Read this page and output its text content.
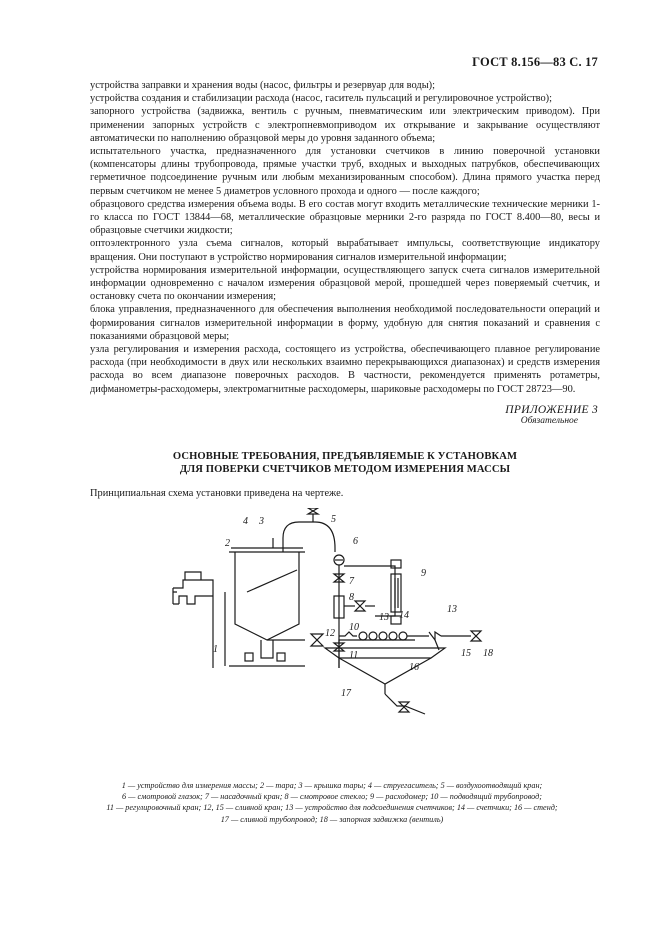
ГОСТ 8.156—83 С. 17

устройства заправки и хранения воды (насос, фильтры и резервуар для воды);

устройства создания и стабилизации расхода (насос, гаситель пульсаций и регулировочное устройство);

запорного устройства (задвижка, вентиль с ручным, пневматическим или электрическим приводом). При применении запорных устройств с электропневмоприводом их открывание и закрывание осуществляют автоматически по наполнению образцовой меры до уровня заданного объема;

испытательного участка, предназначенного для установки счетчиков в линию поверочной установки (компенсаторы длины трубопровода, прямые участки труб, входных и выходных патрубков, обеспечивающих герметичное подсоединение ручным или любым механизированным способом). Длина прямого участка перед первым счетчиком не менее 5 диаметров условного прохода и одного — после каждого;

образцового средства измерения объема воды. В его состав могут входить металлические технические мерники 1-го класса по ГОСТ 13844—68, металлические образцовые мерники 2-го разряда по ГОСТ 8.400—80, весы и образцовые счетчики жидкости;

оптоэлектронного узла съема сигналов, который вырабатывает импульсы, соответствующие индикатору вращения. Они поступают в устройство нормирования сигналов измерительной информации;

устройства нормирования измерительной информации, осуществляющего запуск счета сигналов измерительной информации одновременно с началом измерения образцовой мерой, прошедшей через поверяемый счетчик, и остановку счета по окончании измерения;

блока управления, предназначенного для обеспечения выполнения необходимой последовательности операций и формирования сигналов измерительной информации в форму, удобную для снятия показаний и сравнения с показаниями образцовой меры;

узла регулирования и измерения расхода, состоящего из устройства, обеспечивающего плавное регулирование расхода (при необходимости в двух или нескольких взаимно перекрывающихся диапазонах) и средств измерения расхода во всем диапазоне поверочных расходов. В частности, рекомендуется применять ротаметры, дифманометры-расходомеры, электромагнитные расходомеры, шариковые расходомеры по ГОСТ 28723—90.

ПРИЛОЖЕНИЕ 3
Обязательное
ОСНОВНЫЕ ТРЕБОВАНИЯ, ПРЕДЪЯВЛЯЕМЫЕ К УСТАНОВКАМ
ДЛЯ ПОВЕРКИ СЧЕТЧИКОВ МЕТОДОМ ИЗМЕРЕНИЯ МАССЫ
Принципиальная схема установки приведена на чертеже.
1
2
3
4	5
6
7
8
9
10
11
12
13
13
14
15
16
17
18
1 — устройство для измерения массы; 2 — тара; 3 — крышка тары; 4 — струегаситель; 5 — воздухоотводящий кран;
6 — смотровой глазок; 7 — насадочный кран; 8 — смотровое стекло; 9 — расходомер; 10 — подводящий трубопровод;
11 — регулировочный кран; 12, 15 — сливной кран; 13 — устройство для подсоединения счетчиков; 14 — счетчики; 16 — стенд;
17 — сливной трубопровод; 18 — запорная задвижка (вентиль)
